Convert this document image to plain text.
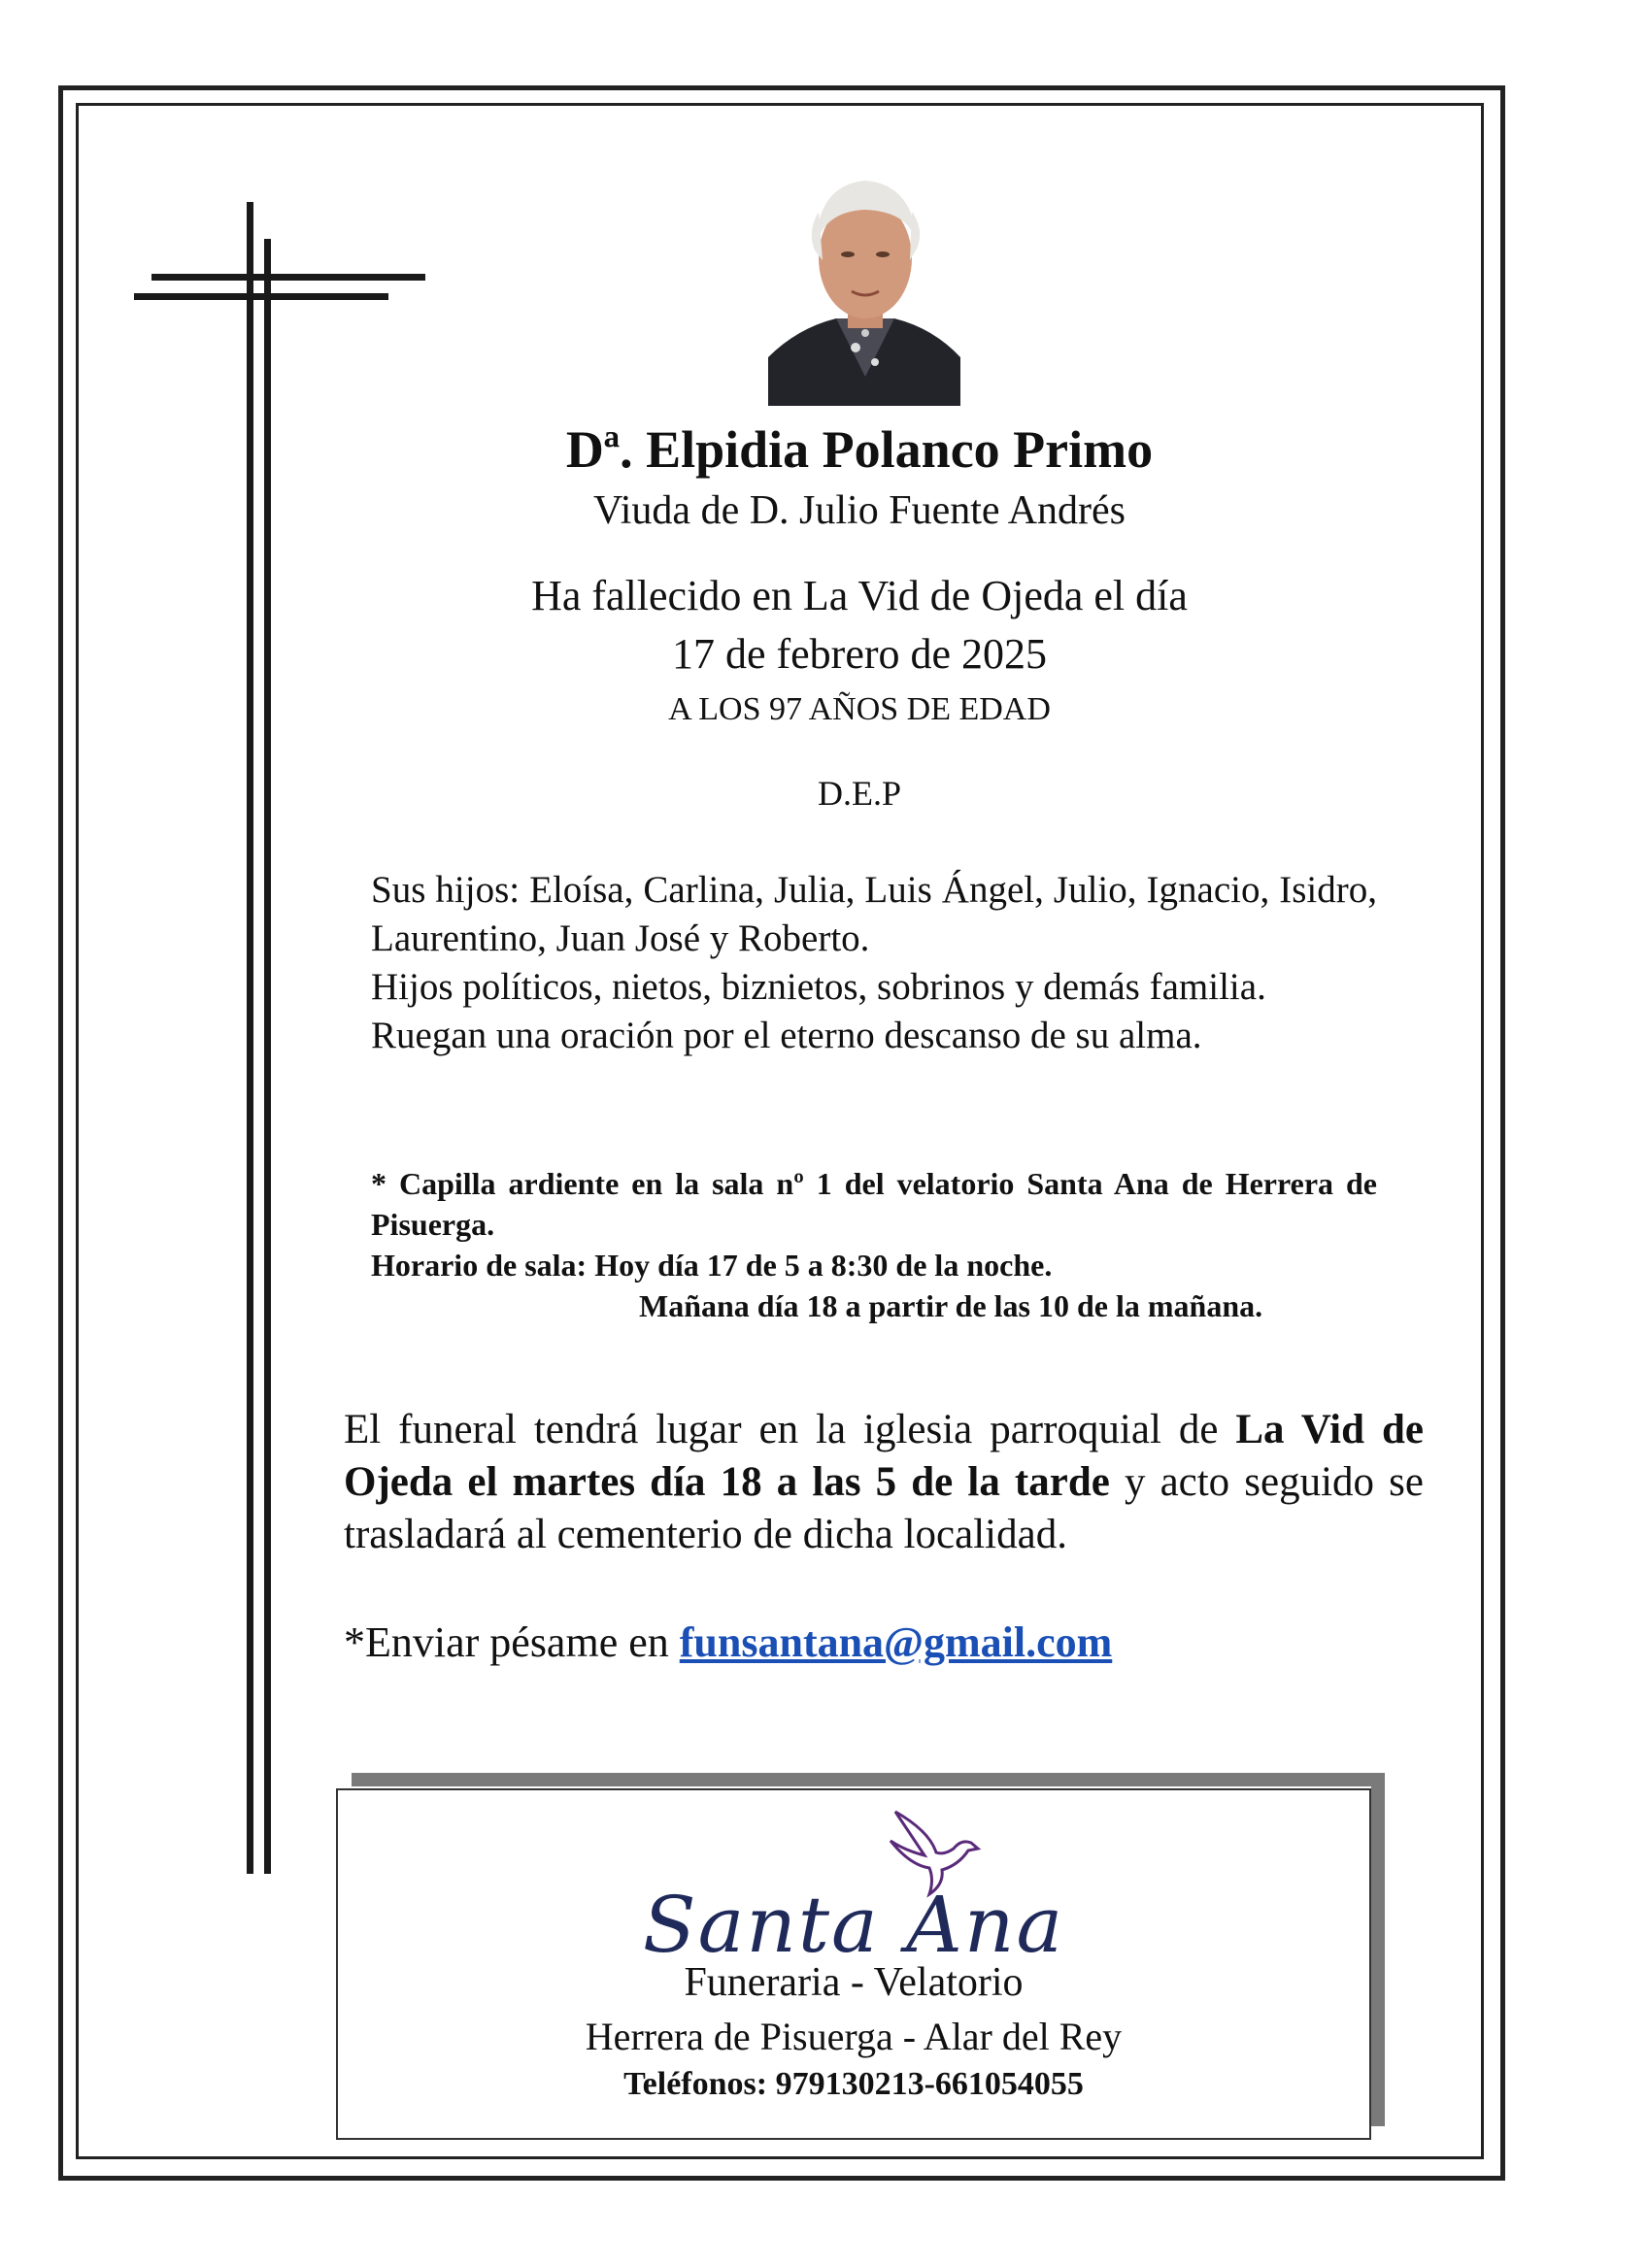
Dª. Elpidia Polanco Primo
Viuda de D. Julio Fuente Andrés
Ha fallecido en La Vid de Ojeda el día
17 de febrero de 2025
A LOS 97 AÑOS DE EDAD
D.E.P

Sus hijos: Eloísa, Carlina, Julia, Luis Ángel, Julio, Ignacio, Isidro, Laurentino, Juan José y Roberto.

Hijos políticos, nietos, biznietos, sobrinos y demás familia.

Ruegan una oración por el eterno descanso de su alma.

* Capilla ardiente en la sala nº 1 del velatorio Santa Ana de Herrera de Pisuerga.

Horario de sala: Hoy día 17 de 5 a 8:30 de la noche.

Mañana día 18 a partir de las 10 de la mañana.

El funeral tendrá lugar en la iglesia parroquial de La Vid de Ojeda el martes día 18 a las 5 de la tarde y acto seguido se trasladará al cementerio de dicha localidad.
*Enviar pésame en funsantana@gmail.com
Santa Ana
Funeraria - Velatorio
Herrera de Pisuerga - Alar del Rey
Teléfonos: 979130213-661054055
